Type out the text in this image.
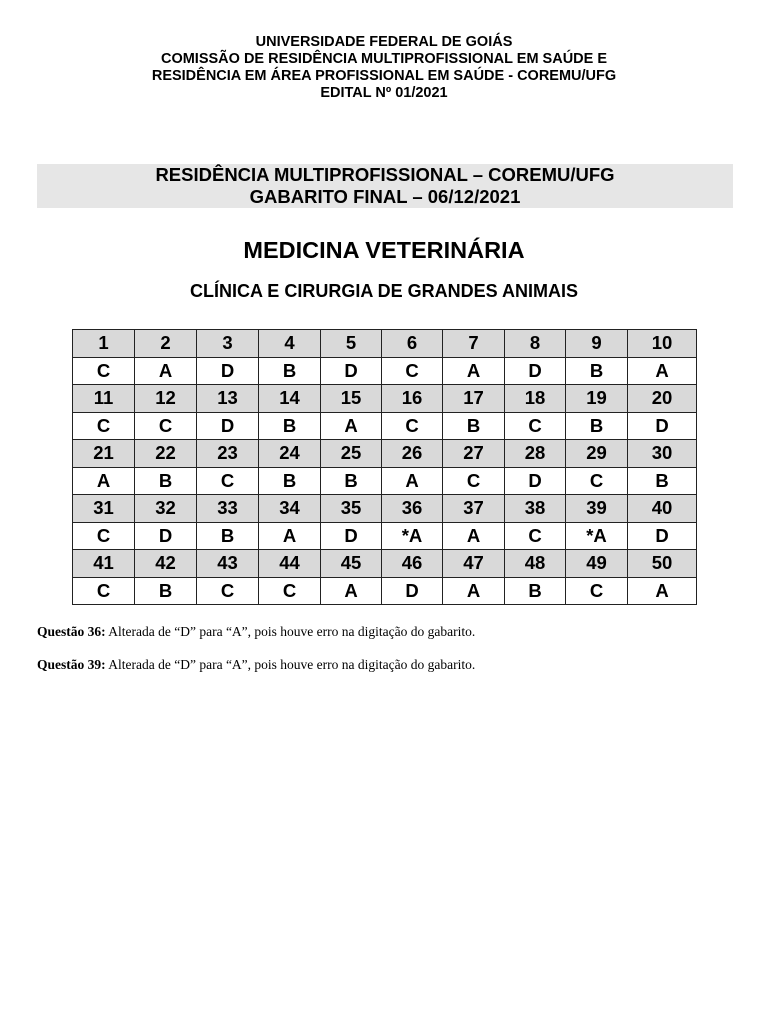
UNIVERSIDADE FEDERAL DE GOIÁS
COMISSÃO DE RESIDÊNCIA MULTIPROFISSIONAL EM SAÚDE E
RESIDÊNCIA EM ÁREA PROFISSIONAL EM SAÚDE - COREMU/UFG
EDITAL Nº 01/2021
RESIDÊNCIA MULTIPROFISSIONAL – COREMU/UFG
GABARITO FINAL – 06/12/2021
MEDICINA VETERINÁRIA
CLÍNICA E CIRURGIA DE GRANDES ANIMAIS
1	2	3	4	5	6	7	8	9	10
C	A	D	B	D	C	A	D	B	A
11	12	13	14	15	16	17	18	19	20
C	C	D	B	A	C	B	C	B	D
21	22	23	24	25	26	27	28	29	30
A	B	C	B	B	A	C	D	C	B
31	32	33	34	35	36	37	38	39	40
C	D	B	A	D	*A	A	C	*A	D
41	42	43	44	45	46	47	48	49	50
C	B	C	C	A	D	A	B	C	A
Questão 36: Alterada de “D” para “A”, pois houve erro na digitação do gabarito.
Questão 39: Alterada de “D” para “A”, pois houve erro na digitação do gabarito.
